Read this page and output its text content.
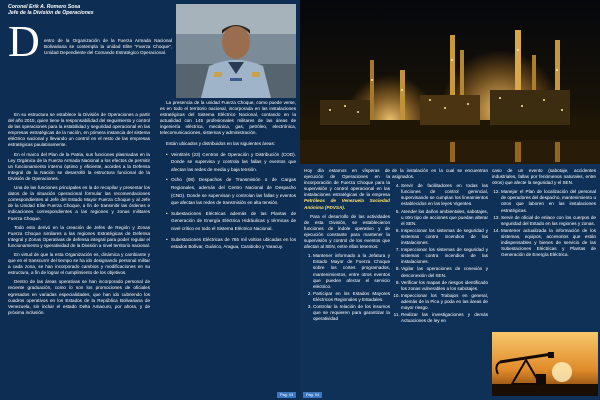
Coronel Erik A. Romero Sosa
Jefe de la División de Operaciones
D entro de la Organización de la Fuerza Armada Nacional Bolivariana se contempla la unidad Elite "Fuerza Choque", Unidad Dependiente del Comando Estratégico Operacional.

En su estructura se establece la División de Operaciones a partir del año 2015, quien tiene la responsabilidad del seguimiento y control de las operaciones para la estabilidad y seguridad operacional en las empresas estratégicas de la nación, en primera instancia del sistema eléctrico nacional y llevando un control en el resto de las empresas estratégicas paulatinamente.

En el marco del Plan de la Patria, sus funciones plasmadas en la Ley Orgánica de la Fuerza Armada Nacional a los efectos de permitir un funcionamiento interno óptimo y eficiente, acordes a la Defensa Integral de la Nación se desarrolló la estructura funcional de la División de Operaciones.

Una de las funciones principales es la de recopilar y presentar los datos de la situación operacional formular las recomendaciones correspondientes al Jefe del Estado Mayor Fuerza Choque y al Jefe de la Unidad Elite Fuerza Choque, a fin de transmitir las órdenes e indicaciones correspondientes a las regiones y zonas militares Fuerza Choque.

Todo esto derivó en la creación de Jefes de Región y Zonas Fuerza Choque similares a las regiones Estratégicas de Defensa Integral y Zonas Operativas de defensa integral para poder regular el funcionamiento y operatividad de la División a nivel territorio nacional.

En virtud de que la esta Organización es, dinámica y cambiante y que en el transcurrir del tiempo se ha ido designando personal militar a cada zona, se han incorporado cambios y modificaciones en su estructura, a fin de lograr el cumplimiento de los objetivos.

Dentro de las áreas operativas se han incorporado personal de reciente graduación, como lo son los promociones de oficiales egresados en variadas especialidades, que han ido cubriendo los cuadros operativos en los Estados de la República Bolivariana de Venezuela, sin incluir el estado Delta Amacuro, por ahora, y de próxima inclusión.

La presencia de la unidad Fuerza Choque, como puede verse, es en todo el territorio nacional, incorporada en las instalaciones estratégicas del Sistema Eléctrico Nacional, contando en la actualidad con 145 profesionales militares de las áreas de ingeniería eléctrica, mecánica, gas, petróleo, electrónica, telecomunicaciones, sistemas y administración.

Están ubicados y distribuidos en las siguientes áreas:

• Veintitrés (23) Centros de Operación y Distribución (COD). Donde se supervisa y controla las fallas y eventos que afectan las redes de media y baja tensión.
• Ocho (08) Despachos de Transmisión o de Cargas Regionales, además del Centro Nacional de Despacho (CND). Donde se supervisan y controlan las fallas y eventos que afectan las redes de transmisión en alta tensión.
• Subestaciones Eléctricas además de las Plantas de Generación de Energía Eléctrica Hidráulicas y térmicas de nivel crítico en todo el Sistema Eléctrico Nacional.
• Subestaciones Eléctricas de 765 mil voltios ubicadas en los estados Bolívar, Guárico, Aragua, Carabobo y Yaracuy.
Pag. 03

Hoy día estamos en vísperas de ejecución de Operaciones en la incorporación de Fuerza Choque para la supervisión y control operacional en las instalaciones estratégicas de la empresa Petróleos de Venezuela Sociedad Anónima (PDVSA).

Para el desarrollo de las actividades de esta División, se establecieron funciones de índole operativo y de ejecución constante para mantener la supervisión y control de los eventos que afectan al SEN, entre ellas tenemos:

1. Mantener informado a la Jefatura y Estado Mayor de Fuerza Choque sobre los cortes programados, mantenimientos, entre otros eventos que pueden afectar el servicio eléctrico.
2. Participar en los Estados Mayores Eléctricos Regionales y Estadales.
3. Controlar la relación de los insumos que se requieren para garantizar la operatividad

de la instalación en la cual se encuentran asignados.

4. Servir de facilitadores en todas las funciones de control gerencial, supervisando se cumplan los lineamientos establecidos en las leyes Vigentes.
5. Atender los daños ambientales, sabotajes, u otro tipo de acciones que puedan alterar el SEN.
6. Inspeccionar los sistemas de seguridad y sistemas contra incendios de las instalaciones.
7. Inspeccionar los sistemas de seguridad y sistemas contra incendios de las instalaciones.
8. Vigilar las operaciones de conexión y desconexión del SEN.
9. Verificar los mapas de riesgos identificado los zonas vulnerables a los sabotajes.
10. Inspeccionar los Trabajos en general, además de la Pica y poda en las áreas de mayor riesgo.
11. Realizar las investigaciones y demás Actuaciones de ley en

caso de un evento (sabotaje, accidentes industriales, fallas por fenómenos naturales, entre otros) que afecte la seguridad y el SEN.

12. Manejar el Plan de localización del personal de operadores del despacho, mantenimiento u otros que laboren en las instalaciones estratégicas.
13. Servir de oficial de enlace con los cuerpos de seguridad del Estado en las regiones y zonas.
14. Mantener actualizada la información de los sistemas, equipos, accesorios que están indispensables y bienes de servicio de las Subestaciones Eléctricas y Plantas de Generación de Energía Eléctrica.
Pag. 04
